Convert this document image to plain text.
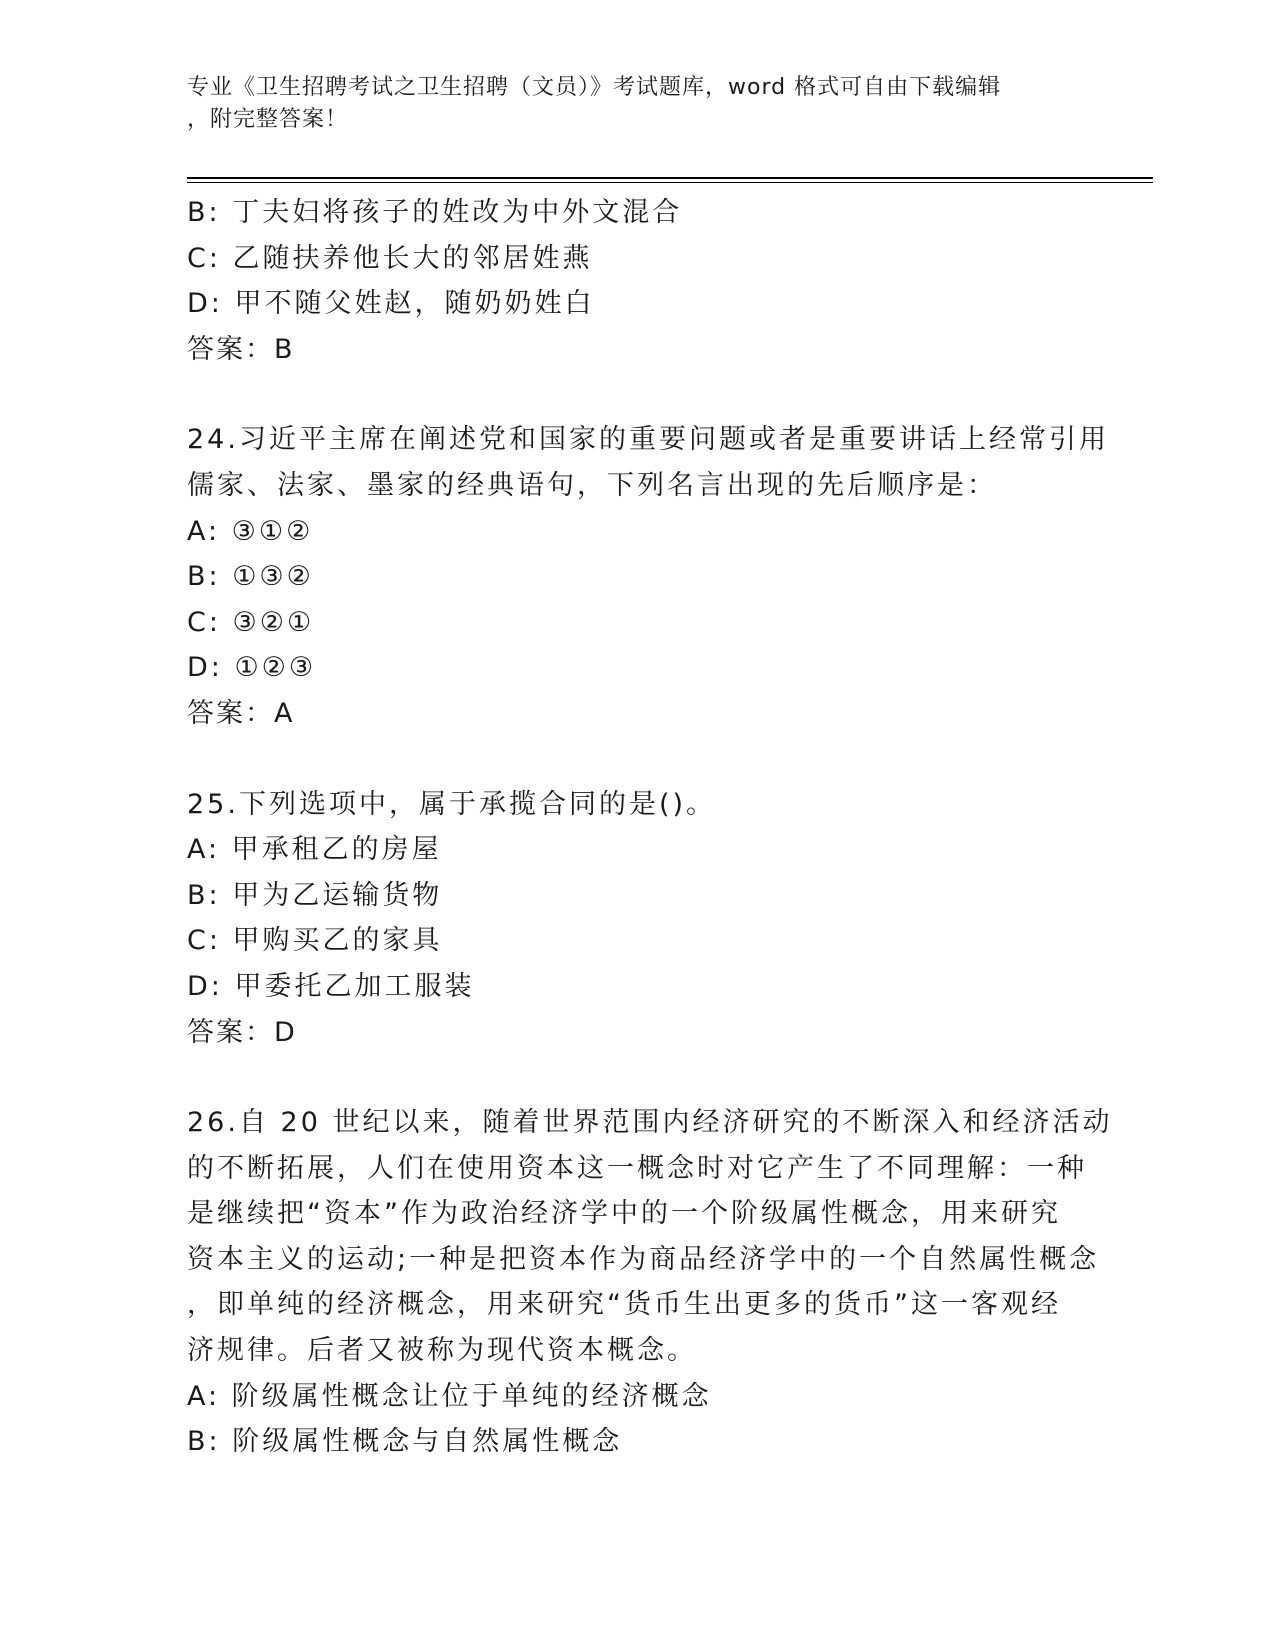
专业《卫生招聘考试之卫生招聘（文员）》考试题库，word 格式可自由下载编辑
，附完整答案！
B: 丁夫妇将孩子的姓改为中外文混合
C: 乙随扶养他长大的邻居姓燕
D: 甲不随父姓赵，随奶奶姓白
答案：B
24.习近平主席在阐述党和国家的重要问题或者是重要讲话上经常引用
儒家、法家、墨家的经典语句，下列名言出现的先后顺序是：
A: ③①②
B: ①③②
C: ③②①
D: ①②③
答案：A
25.下列选项中，属于承揽合同的是()。
A: 甲承租乙的房屋
B: 甲为乙运输货物
C: 甲购买乙的家具
D: 甲委托乙加工服装
答案：D
26.自 20 世纪以来，随着世界范围内经济研究的不断深入和经济活动
的不断拓展，人们在使用资本这一概念时对它产生了不同理解：一种
是继续把“资本”作为政治经济学中的一个阶级属性概念，用来研究
资本主义的运动;一种是把资本作为商品经济学中的一个自然属性概念
，即单纯的经济概念，用来研究“货币生出更多的货币”这一客观经
济规律。后者又被称为现代资本概念。
A: 阶级属性概念让位于单纯的经济概念
B: 阶级属性概念与自然属性概念
